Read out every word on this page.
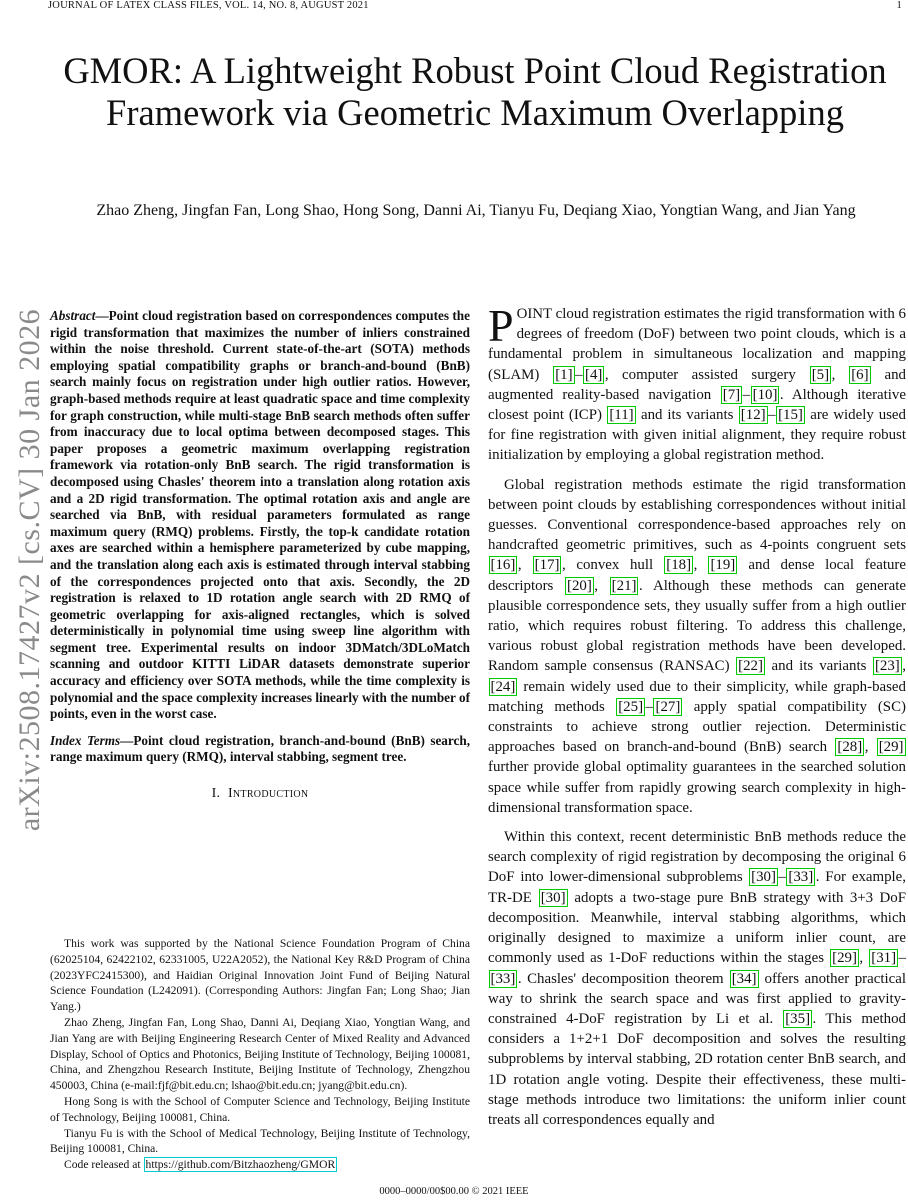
JOURNAL OF LATEX CLASS FILES, VOL. 14, NO. 8, AUGUST 2021	1
arXiv:2508.17427v2 [cs.CV] 30 Jan 2026
GMOR: A Lightweight Robust Point Cloud Registration Framework via Geometric Maximum Overlapping
Zhao Zheng, Jingfan Fan, Long Shao, Hong Song, Danni Ai, Tianyu Fu, Deqiang Xiao, Yongtian Wang, and Jian Yang
Abstract—Point cloud registration based on correspondences computes the rigid transformation that maximizes the number of inliers constrained within the noise threshold. Current state-of-the-art (SOTA) methods employing spatial compatibility graphs or branch-and-bound (BnB) search mainly focus on registration under high outlier ratios. However, graph-based methods require at least quadratic space and time complexity for graph construction, while multi-stage BnB search methods often suffer from inaccuracy due to local optima between decomposed stages. This paper proposes a geometric maximum overlapping registration framework via rotation-only BnB search. The rigid transformation is decomposed using Chasles' theorem into a translation along rotation axis and a 2D rigid transformation. The optimal rotation axis and angle are searched via BnB, with residual parameters formulated as range maximum query (RMQ) problems. Firstly, the top-k candidate rotation axes are searched within a hemisphere parameterized by cube mapping, and the translation along each axis is estimated through interval stabbing of the correspondences projected onto that axis. Secondly, the 2D registration is relaxed to 1D rotation angle search with 2D RMQ of geometric overlapping for axis-aligned rectangles, which is solved deterministically in polynomial time using sweep line algorithm with segment tree. Experimental results on indoor 3DMatch/3DLoMatch scanning and outdoor KITTI LiDAR datasets demonstrate superior accuracy and efficiency over SOTA methods, while the time complexity is polynomial and the space complexity increases linearly with the number of points, even in the worst case.
Index Terms—Point cloud registration, branch-and-bound (BnB) search, range maximum query (RMQ), interval stabbing, segment tree.
I. Introduction

This work was supported by the National Science Foundation Program of China (62025104, 62422102, 62331005, U22A2052), the National Key R&D Program of China (2023YFC2415300), and Haidian Original Innovation Joint Fund of Beijing Natural Science Foundation (L242091). (Corresponding Authors: Jingfan Fan; Long Shao; Jian Yang.)

Zhao Zheng, Jingfan Fan, Long Shao, Danni Ai, Deqiang Xiao, Yongtian Wang, and Jian Yang are with Beijing Engineering Research Center of Mixed Reality and Advanced Display, School of Optics and Photonics, Beijing Institute of Technology, Beijing 100081, China, and Zhengzhou Research Institute, Beijing Institute of Technology, Zhengzhou 450003, China (e-mail:fjf@bit.edu.cn; lshao@bit.edu.cn; jyang@bit.edu.cn).

Hong Song is with the School of Computer Science and Technology, Beijing Institute of Technology, Beijing 100081, China.

Tianyu Fu is with the School of Medical Technology, Beijing Institute of Technology, Beijing 100081, China.

Code released at https://github.com/Bitzhaozheng/GMOR

POINT cloud registration estimates the rigid transformation with 6 degrees of freedom (DoF) between two point clouds, which is a fundamental problem in simultaneous localization and mapping (SLAM) [1] – [4] , computer assisted surgery [5] , [6] and augmented reality-based navigation [7] – [10] . Although iterative closest point (ICP) [11] and its variants [12] – [15] are widely used for fine registration with given initial alignment, they require robust initialization by employing a global registration method.

Global registration methods estimate the rigid transformation between point clouds by establishing correspondences without initial guesses. Conventional correspondence-based approaches rely on handcrafted geometric primitives, such as 4-points congruent sets [16] , [17] , convex hull [18] , [19] and dense local feature descriptors [20] , [21] . Although these methods can generate plausible correspondence sets, they usually suffer from a high outlier ratio, which requires robust filtering. To address this challenge, various robust global registration methods have been developed. Random sample consensus (RANSAC) [22] and its variants [23] , [24] remain widely used due to their simplicity, while graph-based matching methods [25] – [27] apply spatial compatibility (SC) constraints to achieve strong outlier rejection. Deterministic approaches based on branch-and-bound (BnB) search [28] , [29] further provide global optimality guarantees in the searched solution space while suffer from rapidly growing search complexity in high-dimensional transformation space.

Within this context, recent deterministic BnB methods reduce the search complexity of rigid registration by decomposing the original 6 DoF into lower-dimensional subproblems [30] – [33] . For example, TR-DE [30] adopts a two-stage pure BnB strategy with 3+3 DoF decomposition. Meanwhile, interval stabbing algorithms, which originally designed to maximize a uniform inlier count, are commonly used as 1-DoF reductions within the stages [29] , [31] –[33] . Chasles' decomposition theorem [34] offers another practical way to shrink the search space and was first applied to gravity-constrained 4-DoF registration by Li et al. [35] . This method considers a 1+2+1 DoF decomposition and solves the resulting subproblems by interval stabbing, 2D rotation center BnB search, and 1D rotation angle voting. Despite their effectiveness, these multi-stage methods introduce two limitations: the uniform inlier count treats all correspondences equally and

0000–0000/00$00.00 © 2021 IEEE
